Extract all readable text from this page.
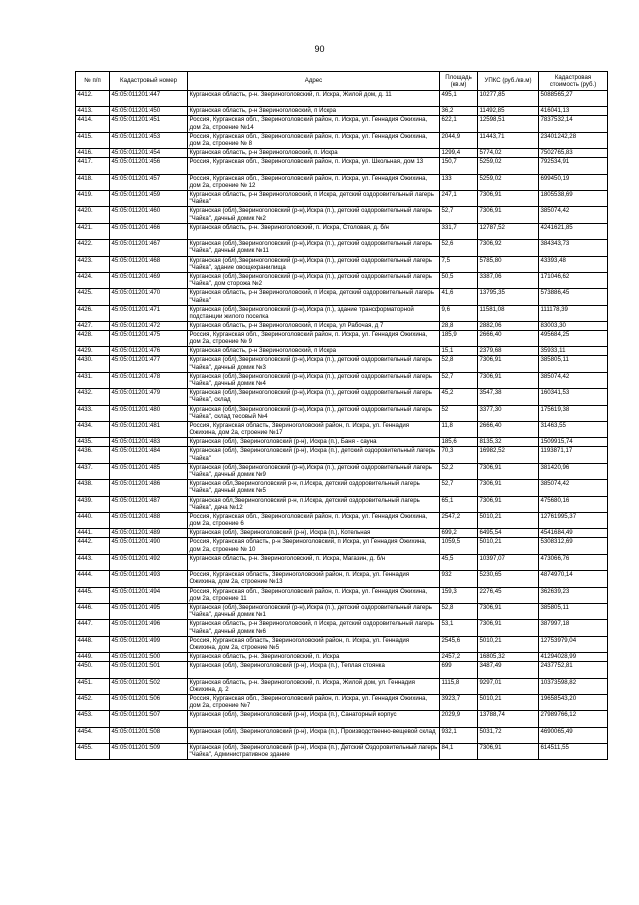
90
№ п/п	Кадастровый номер	Адрес	Площадь (кв.м)	УПКС (руб./кв.м)	Кадастровая стоимость (руб.)
4412.	45:05:011201:447	Курганская область, р-н. Звериноголовский, п. Искра, Жилой дом, д. 11	495,1	10277,85	5088565,27
4413.	45:05:011201:450	Курганская область, р-н Звериноголовский, п Искра	36,2	11492,85	416041,13
4414.	45:05:011201:451	Россия, Курганская обл., Звериноголовский район, п. Искра, ул. Геннадия Ожихина, дом 2а, строение №14	622,1	12598,51	7837532,14
4415.	45:05:011201:453	Россия, Курганская обл., Звериноголовский район, п. Искра, ул. Геннадия Ожихина, дом 2а, строение № 8	2044,9	11443,71	23401242,28
4416.	45:05:011201:454	Курганская область, р-н Звериноголовский, п. Искра	1299,4	5774,02	7502765,83
4417.	45:05:011201:456	Россия, Курганская обл., Звериноголовский район, п. Искра, ул. Школьная, дом 13	150,7	5259,02	792534,91
4418.	45:05:011201:457	Россия, Курганская обл., Звериноголовский район, п. Искра, ул. Геннадия Ожихина, дом 2а, строение № 12	133	5259,02	699450,19
4419.	45:05:011201:459	Курганская область, р-н Звериноголовский, п Искра, детский оздоровительный лагерь "Чайка"	247,1	7306,91	1805538,69
4420.	45:05:011201:460	Курганская (обл),Звериноголовский (р-н),Искра (п.), детский оздоровительный лагерь "Чайка", дачный домик №2	52,7	7306,91	385074,42
4421.	45:05:011201:466	Курганская область, р-н. Звериноголовский, п. Искра, Столовая, д. б/н	331,7	12787,52	4241621,85
4422.	45:05:011201:467	Курганская (обл),Звериноголовский (р-н),Искра (п.), детский оздоровительный лагерь "Чайка", дачный домик №11	52,6	7306,92	384343,73
4423.	45:05:011201:468	Курганская (обл),Звериноголовский (р-н),Искра (п.), детский оздоровительный лагерь "Чайка", здание овощехранилища	7,5	5785,80	43393,48
4424.	45:05:011201:469	Курганская (обл),Звериноголовский (р-н),Искра (п.), детский оздоровительный лагерь "Чайка", дом сторожа №2	50,5	3387,06	171046,62
4425.	45:05:011201:470	Курганская область, р-н Звериноголовский, п Искра, детский оздоровительный лагерь "Чайка"	41,6	13795,35	573886,45
4426.	45:05:011201:471	Курганская (обл),Звериноголовский (р-н),Искра (п.), здание трансформаторной подстанции жилого поселка	9,6	11581,08	111178,39
4427.	45:05:011201:472	Курганская область, р-н Звериноголовский, п Искра, ул Рабочая, д 7	28,8	2882,06	83003,30
4428.	45:05:011201:475	Россия, Курганская обл., Звериноголовский район, п. Искра, ул. Геннадия Ожихина, дом 2а, строение № 9	185,9	2666,40	495684,25
4429.	45:05:011201:476	Курганская область, р-н Звериноголовский, п Искра	15,1	2379,68	35933,11
4430.	45:05:011201:477	Курганская (обл),Звериноголовский (р-н),Искра (п.), детский оздоровительный лагерь "Чайка", дачный домик №3	52,8	7306,91	385805,11
4431.	45:05:011201:478	Курганская (обл),Звериноголовский (р-н),Искра (п.), детский оздоровительный лагерь "Чайка", дачный домик №4	52,7	7306,91	385074,42
4432.	45:05:011201:479	Курганская (обл),Звериноголовский (р-н),Искра (п.), детский оздоровительный лагерь "Чайка", склад	45,2	3547,38	160341,53
4433.	45:05:011201:480	Курганская (обл),Звериноголовский (р-н),Искра (п.), детский оздоровительный лагерь "Чайка", склад тесовый №4	52	3377,30	175619,38
4434.	45:05:011201:481	Россия, Курганская область, Звериноголовский район, п. Искра, ул. Геннадия Ожихина, дом 2а, строение №17	11,8	2666,40	31463,55
4435.	45:05:011201:483	Курганская (обл), Звериноголовский (р-н), Искра (п.), Баня - сауна	185,6	8135,32	1509915,74
4436.	45:05:011201:484	Курганская (обл), Звериноголовский (р-н), Искра (п.), детский оздоровительный лагерь "Чайка"	70,3	16982,52	1193871,17
4437.	45:05:011201:485	Курганская (обл),Звериноголовский (р-н),Искра (п.), детский оздоровительный лагерь "Чайка", дачный домик №9	52,2	7306,91	381420,96
4438.	45:05:011201:486	Курганская обл,Звериноголовский р-н, п.Искра, детский оздоровительный лагерь "Чайка", дачный домик №5	52,7	7306,91	385074,42
4439.	45:05:011201:487	Курганская обл,Звериноголовский р-н, п.Искра, детский оздоровительный лагерь "Чайка", дача №12	65,1	7306,91	475680,16
4440.	45:05:011201:488	Россия, Курганская обл., Звериноголовский район, п. Искра, ул. Геннадия Ожихина, дом 2а, строение 6	2547,2	5010,21	12761995,37
4441.	45:05:011201:489	Курганская (обл), Звериноголовский (р-н), Искра (п.), Котельная	699,2	6495,54	4541684,49
4442.	45:05:011201:490	Россия, Курганская область, р-н Звериноголовский, п Искра, ул Геннадия Ожихина, дом 2а, строение № 10	1059,5	5010,21	5308312,69
4443.	45:05:011201:492	Курганская область, р-н. Звериноголовский, п. Искра, Магазин, д. б/н	45,5	10397,07	473066,76
4444.	45:05:011201:493	Россия, Курганская область, Звериноголовский район, п. Искра, ул. Геннадия Ожихина, дом 2а, строение №13	932	5230,65	4874970,14
4445.	45:05:011201:494	Россия, Курганская обл., Звериноголовский район, п. Искра, ул. Геннадия Ожихина, дом 2а, строение 11	159,3	2276,45	362639,23
4446.	45:05:011201:495	Курганская (обл),Звериноголовский (р-н),Искра (п.), детский оздоровительный лагерь "Чайка", дачный домик №1	52,8	7306,91	385805,11
4447.	45:05:011201:496	Курганская область, р-н Звериноголовский, п Искра, детский оздоровительный лагерь "Чайка", дачный домик №6	53,1	7306,91	387997,18
4448.	45:05:011201:499	Россия, Курганская область, Звериноголовский район, п. Искра, ул. Геннадия Ожихина, дом 2а, строение №5	2545,6	5010,21	12753979,04
4449.	45:05:011201:500	Курганская область, р-н. Звериноголовский, п. Искра	2457,2	16805,32	41294028,99
4450.	45:05:011201:501	Курганская (обл), Звериноголовский (р-н), Искра (п.), Теплая стоянка	699	3487,49	2437752,81
4451.	45:05:011201:502	Курганская область, р-н. Звериноголовский, п. Искра, Жилой дом, ул. Геннадия Ожихина, д. 2	1115,8	9297,01	10373598,82
4452.	45:05:011201:506	Россия, Курганская обл., Звериноголовский район, п. Искра, ул. Геннадия Ожихина, дом 2а, строение №7	3923,7	5010,21	19658543,20
4453.	45:05:011201:507	Курганская (обл), Звериноголовский (р-н), Искра (п.), Санаторный корпус	2029,9	13788,74	27989766,12
4454.	45:05:011201:508	Курганская (обл), Звериноголовский (р-н), Искра (п.), Производственно-вещевой склад	932,1	5031,72	4690065,49
4455.	45:05:011201:509	Курганская (обл), Звериноголовский (р-н), Искра (п.), Детский Оздоровительный лагерь "Чайка", Административное здание	84,1	7306,91	614511,55
